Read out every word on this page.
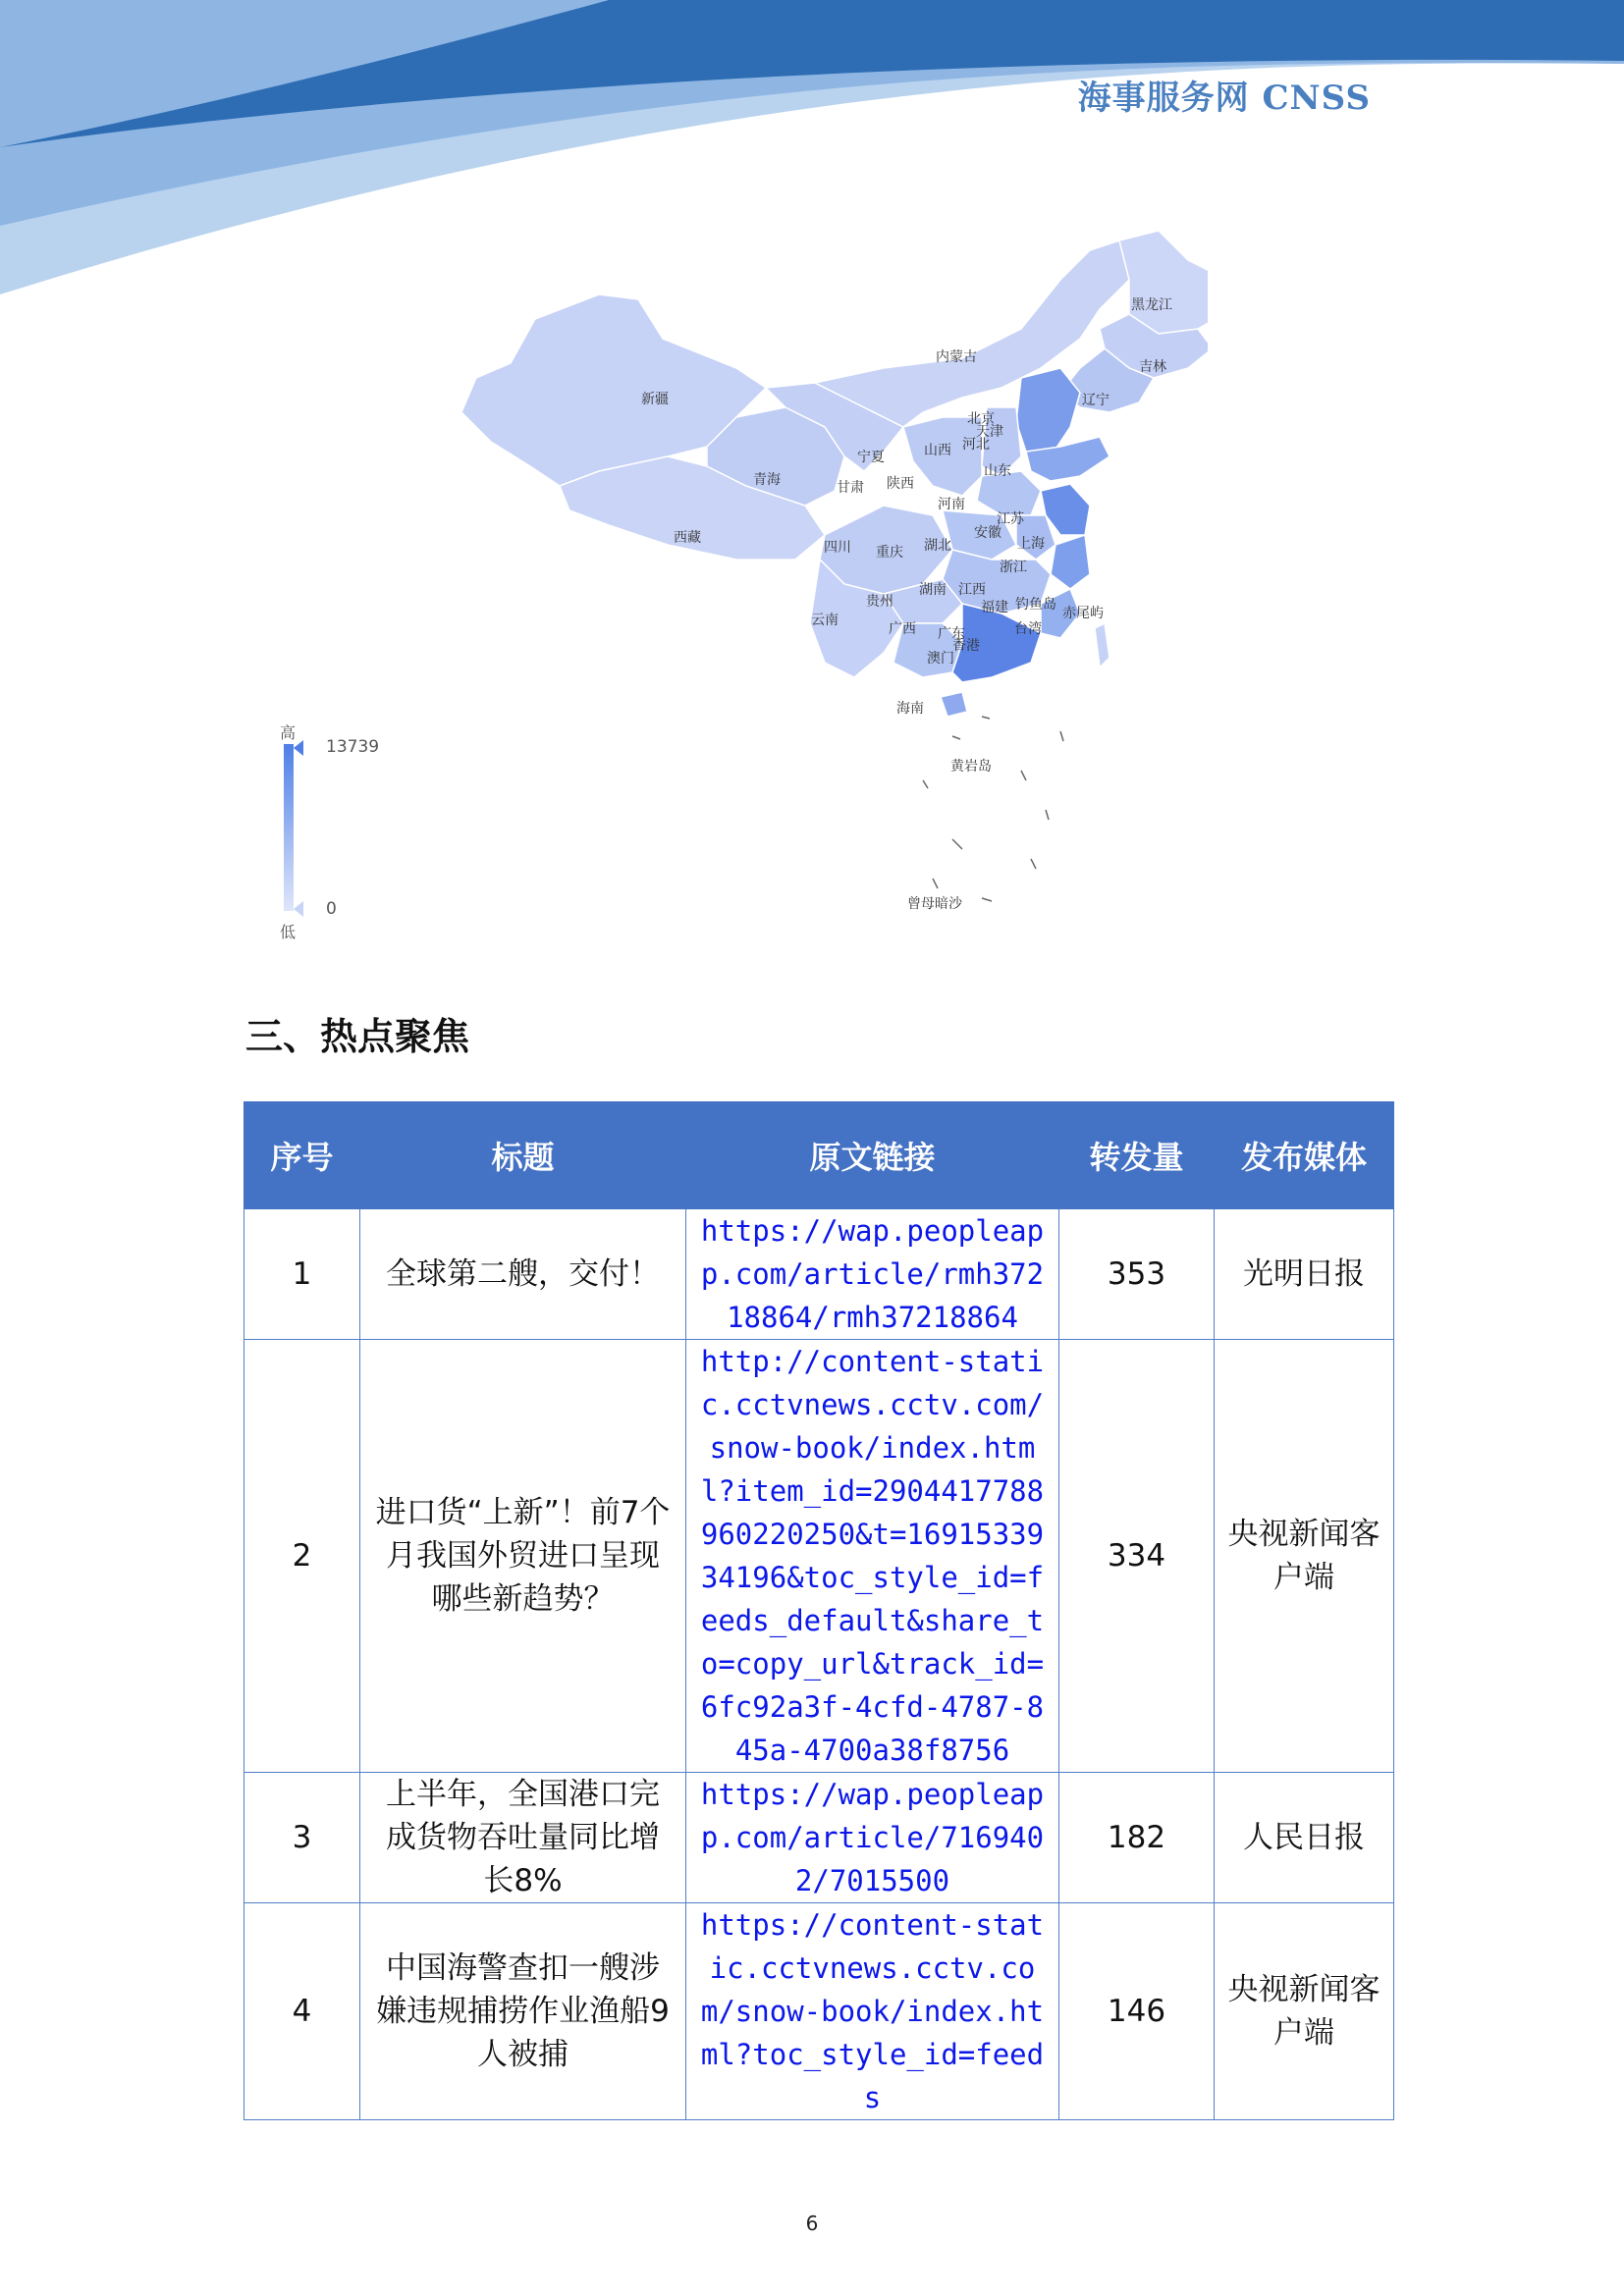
海事服务网 CNSS
黑龙江
吉林
辽宁
内蒙古
北京
天津
河北
山西
山东
新疆
西藏
青海	甘肃
宁夏
陕西
河南
江苏
安徽
上海
湖北
四川 重庆
浙江
湖南 江西
贵州	福建 钓鱼岛
赤尾屿
云南
广西 广东	台湾
香港
澳门
海南
黄岩岛
曾母暗沙
高
13739
0
低
三、热点聚焦
序号	标题	原文链接	转发量	发布媒体
1	全球第二艘，交付！	https://wap.peopleapp.com/article/rmh37218864/rmh37218864	353	光明日报
2	进口货“上新”！前7个月我国外贸进口呈现哪些新趋势？	http://content-static.cctvnews.cctv.com/snow-book/index.html?item_id=2904417788960220250&t=1691533934196&toc_style_id=feeds_default&share_to=copy_url&track_id=6fc92a3f-4cfd-4787-845a-4700a38f8756	334	央视新闻客户端
3	上半年，全国港口完成货物吞吐量同比增长8%	https://wap.peopleapp.com/article/7169402/7015500	182	人民日报
4	中国海警查扣一艘涉嫌违规捕捞作业渔船9人被捕	https://content-static.cctvnews.cctv.com/snow-book/index.html?toc_style_id=feeds	146	央视新闻客户端
6
